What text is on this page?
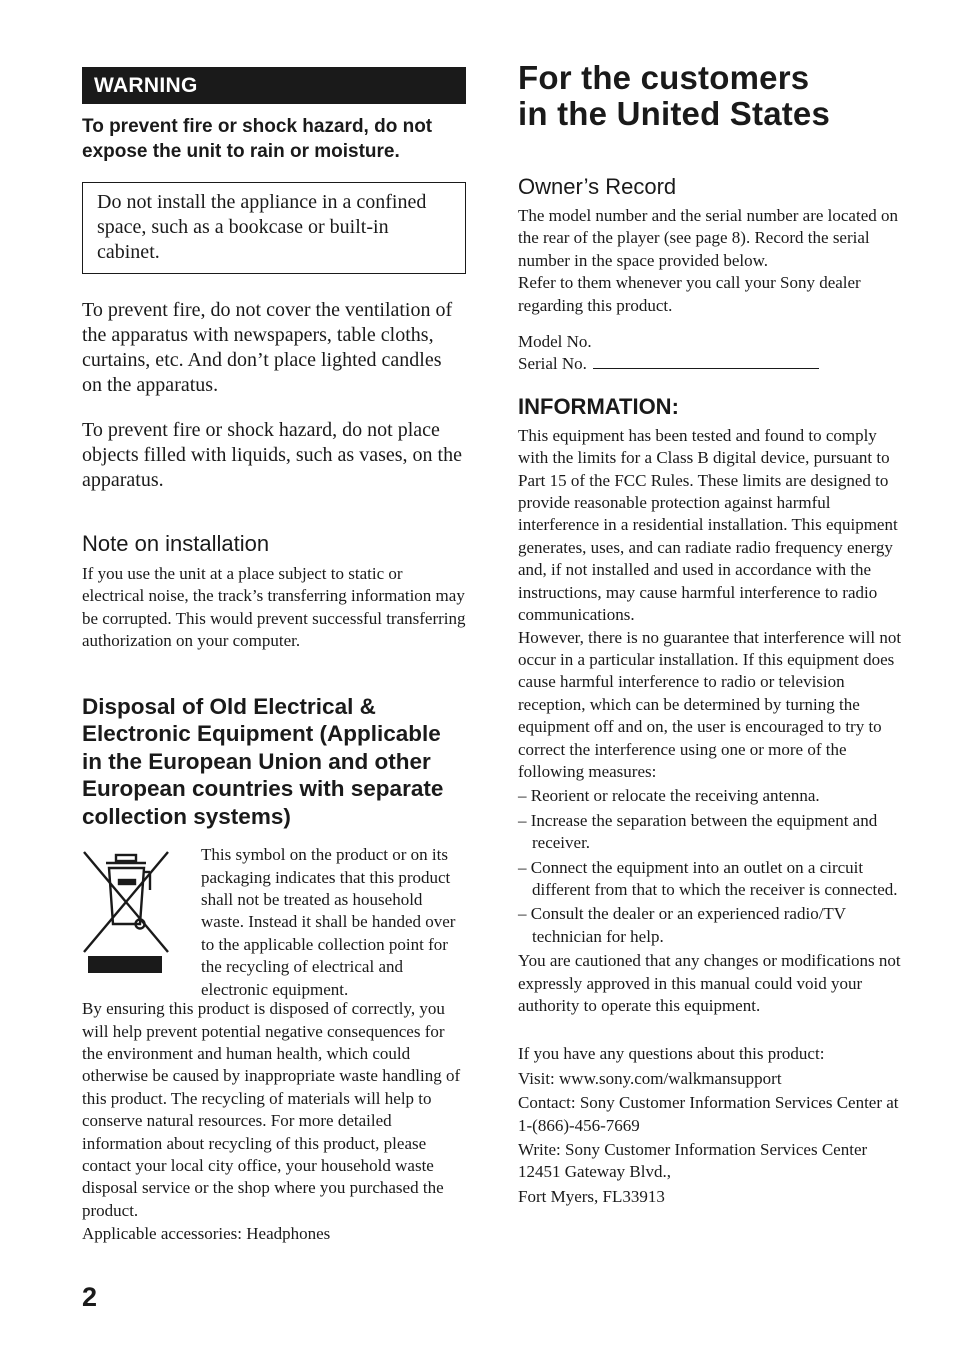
WARNING
To prevent fire or shock hazard, do not expose the unit to rain or moisture.
Do not install the appliance in a confined space, such as a bookcase or built-in cabinet.

To prevent fire, do not cover the ventilation of the apparatus with newspapers, table cloths, curtains, etc. And don’t place lighted candles on the apparatus.

To prevent fire or shock hazard, do not place objects filled with liquids, such as vases, on the apparatus.

Note on installation

If you use the unit at a place subject to static or electrical noise, the track’s transferring information may be corrupted. This would prevent successful transferring authorization on your computer.

Disposal of Old Electrical & Electronic Equipment (Applicable in the European Union and other European countries with separate collection systems)

This symbol on the product or on its packaging indicates that this product shall not be treated as household waste. Instead it shall be handed over to the applicable collection point for the recycling of electrical and electronic equipment.

By ensuring this product is disposed of correctly, you will help prevent potential negative consequences for the environment and human health, which could otherwise be caused by inappropriate waste handling of this product. The recycling of materials will help to conserve natural resources. For more detailed information about recycling of this product, please contact your local city office, your household waste disposal service or the shop where you purchased the product.

Applicable accessories: Headphones

2
For the customers
in the United States
Owner’s Record

The model number and the serial number are located on the rear of the player (see page 8). Record the serial number in the space provided below.

Refer to them whenever you call your Sony dealer regarding this product.

Model No.

Serial No.

INFORMATION:

This equipment has been tested and found to comply with the limits for a Class B digital device, pursuant to Part 15 of the FCC Rules. These limits are designed to provide reasonable protection against harmful interference in a residential installation. This equipment generates, uses, and can radiate radio frequency energy and, if not installed and used in accordance with the instructions, may cause harmful interference to radio communications.

However, there is no guarantee that interference will not occur in a particular installation. If this equipment does cause harmful interference to radio or television reception, which can be determined by turning the equipment off and on, the user is encouraged to try to correct the interference using one or more of the following measures:

– Reorient or relocate the receiving antenna.

– Increase the separation between the equipment and receiver.

– Connect the equipment into an outlet on a circuit different from that to which the receiver is connected.

– Consult the dealer or an experienced radio/TV technician for help.

You are cautioned that any changes or modifications not expressly approved in this manual could void your authority to operate this equipment.

If you have any questions about this product:

Visit: www.sony.com/walkmansupport

Contact: Sony Customer Information Services Center at 1-(866)-456-7669

Write: Sony Customer Information Services Center 12451 Gateway Blvd.,

Fort Myers, FL33913
